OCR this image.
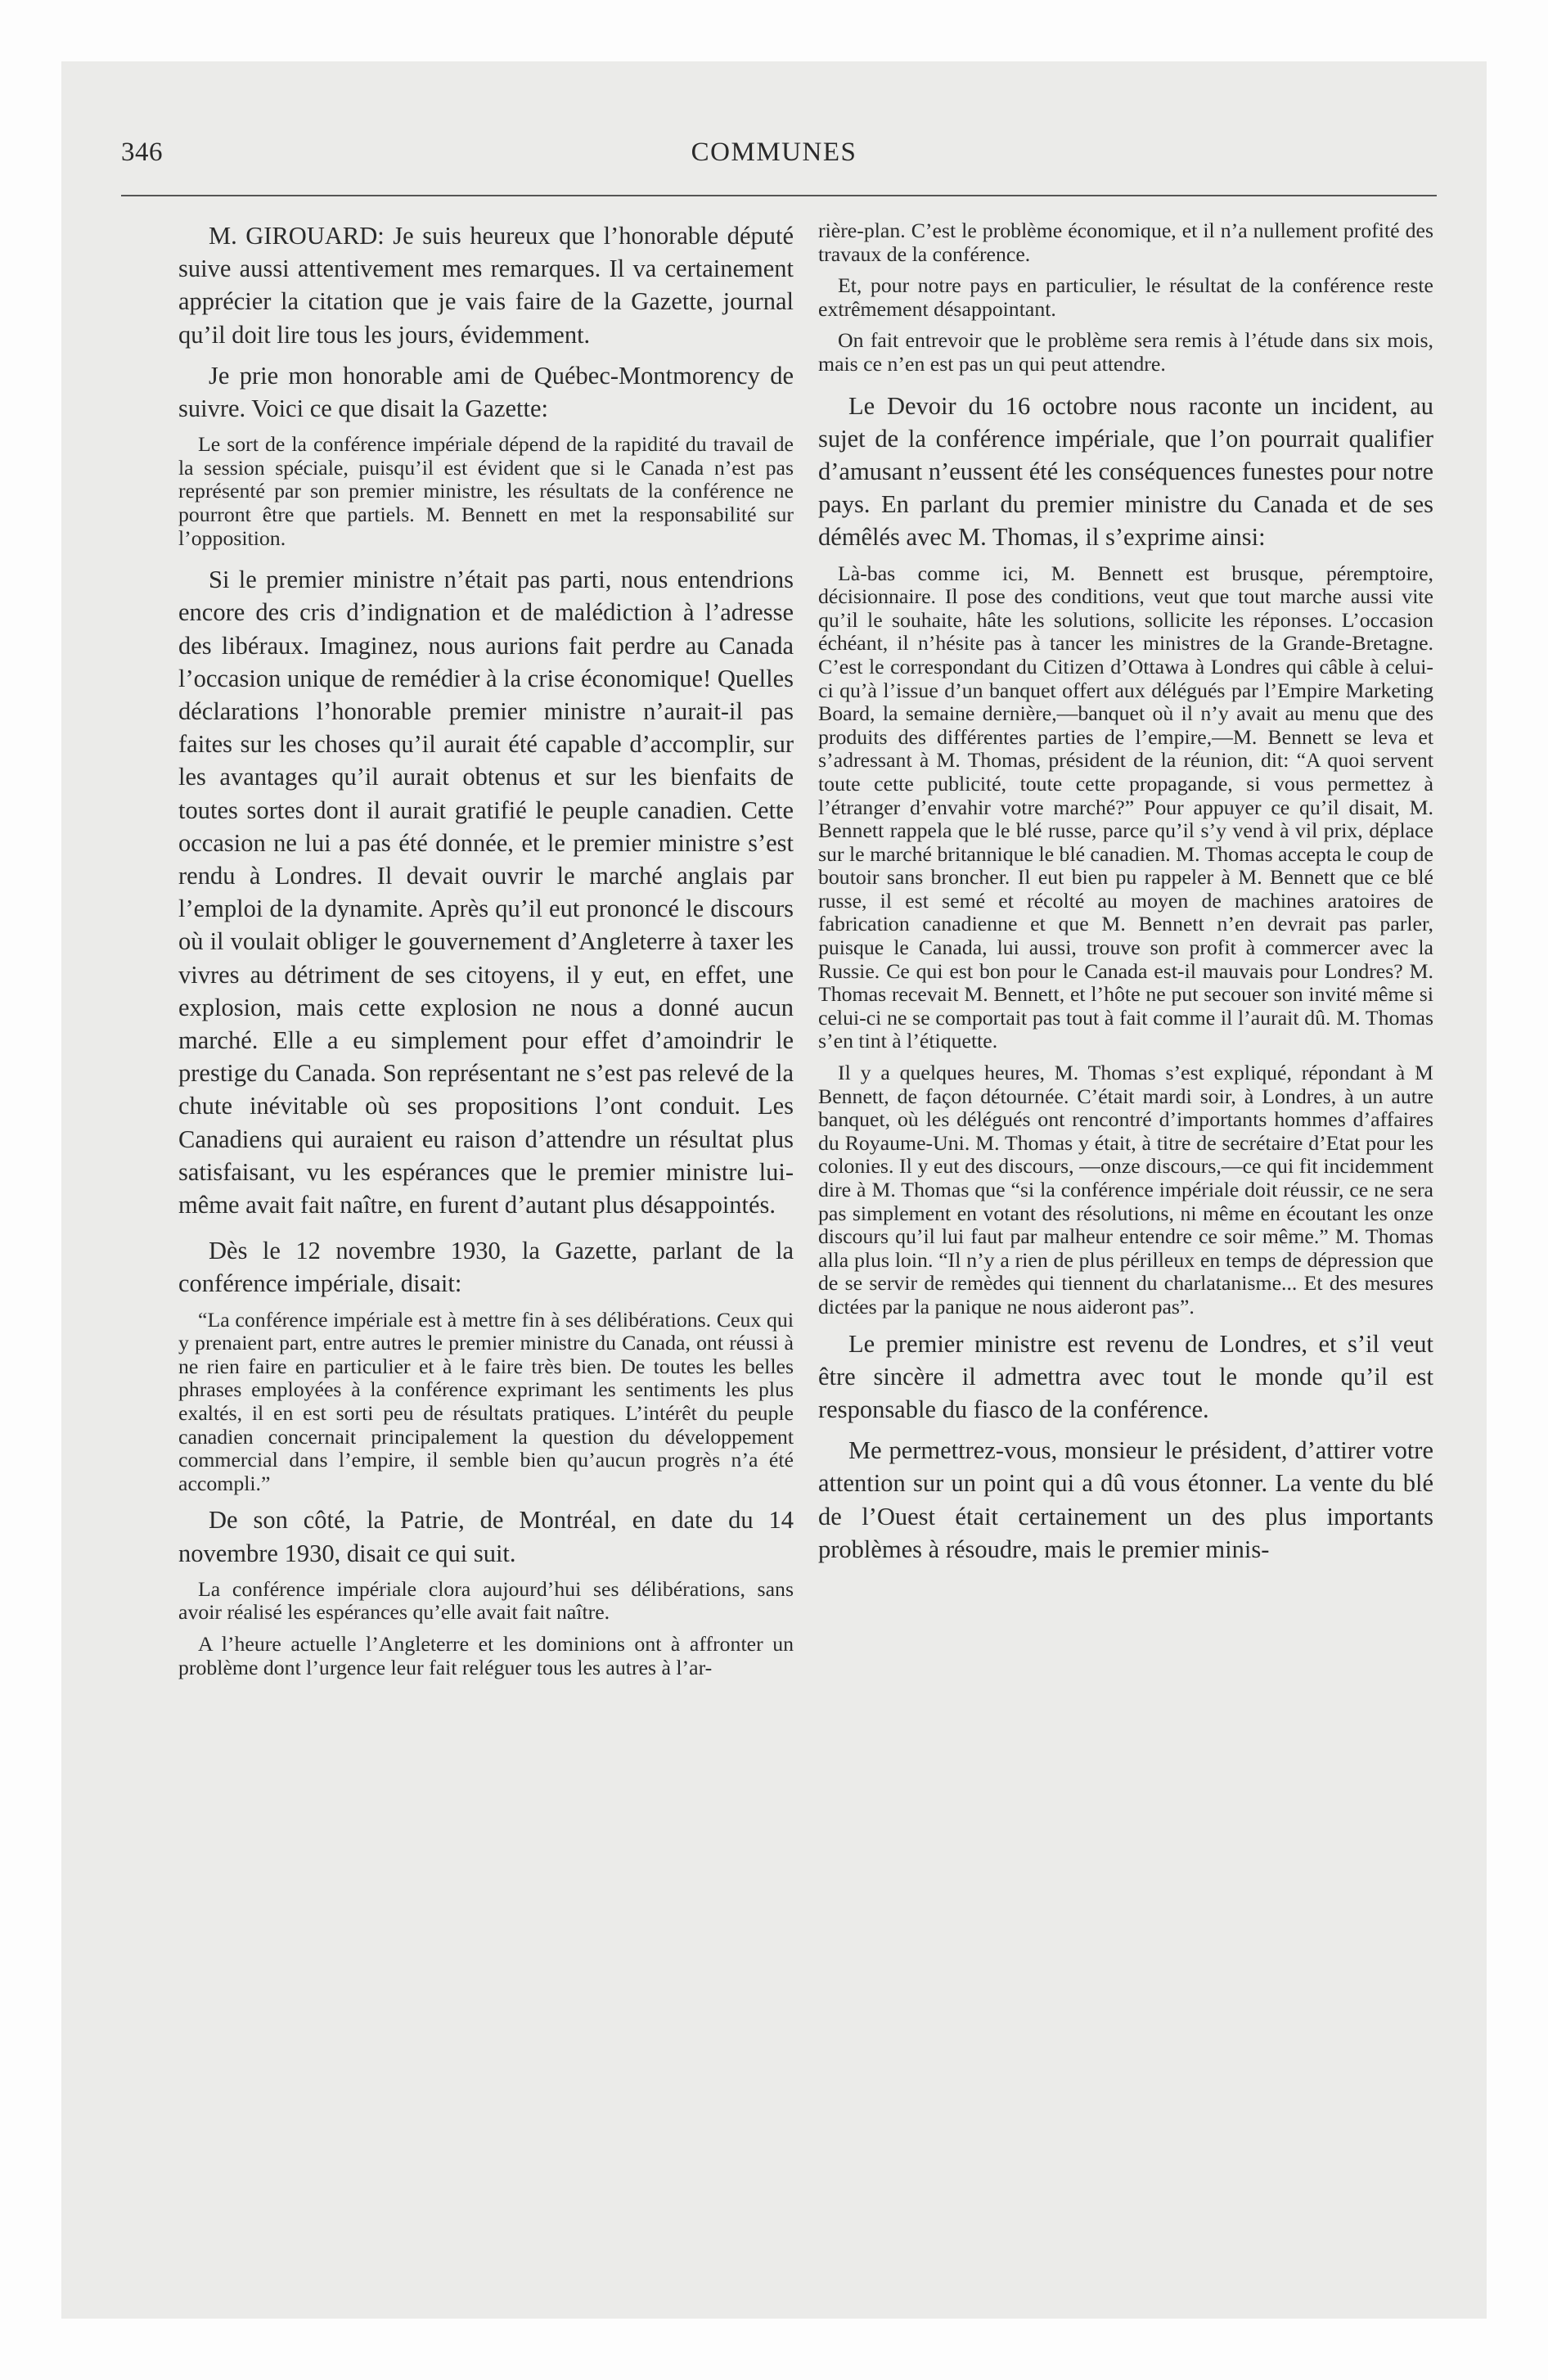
346	COMMUNES

M. GIROUARD: Je suis heureux que l’honorable député suive aussi attentivement mes remarques. Il va certainement apprécier la citation que je vais faire de la Gazette, journal qu’il doit lire tous les jours, évidemment.

Je prie mon honorable ami de Québec-Montmorency de suivre. Voici ce que disait la Gazette:

Le sort de la conférence impériale dépend de la rapidité du travail de la session spéciale, puisqu’il est évident que si le Canada n’est pas représenté par son premier ministre, les résultats de la conférence ne pourront être que partiels. M. Bennett en met la responsabilité sur l’opposition.

Si le premier ministre n’était pas parti, nous entendrions encore des cris d’indignation et de malédiction à l’adresse des libéraux. Imaginez, nous aurions fait perdre au Canada l’occasion unique de remédier à la crise économique! Quelles déclarations l’honorable premier ministre n’aurait-il pas faites sur les choses qu’il aurait été capable d’accomplir, sur les avantages qu’il aurait obtenus et sur les bienfaits de toutes sortes dont il aurait gratifié le peuple canadien. Cette occasion ne lui a pas été donnée, et le premier ministre s’est rendu à Londres. Il devait ouvrir le marché anglais par l’emploi de la dynamite. Après qu’il eut prononcé le discours où il voulait obliger le gouvernement d’Angleterre à taxer les vivres au détriment de ses citoyens, il y eut, en effet, une explosion, mais cette explosion ne nous a donné aucun marché. Elle a eu simplement pour effet d’amoindrir le prestige du Canada. Son représentant ne s’est pas relevé de la chute inévitable où ses propositions l’ont conduit. Les Canadiens qui auraient eu raison d’attendre un résultat plus satisfaisant, vu les espérances que le premier ministre lui-même avait fait naître, en furent d’autant plus désappointés.

Dès le 12 novembre 1930, la Gazette, parlant de la conférence impériale, disait:

“La conférence impériale est à mettre fin à ses délibérations. Ceux qui y prenaient part, entre autres le premier ministre du Canada, ont réussi à ne rien faire en particulier et à le faire très bien. De toutes les belles phrases employées à la conférence exprimant les sentiments les plus exaltés, il en est sorti peu de résultats pratiques. L’intérêt du peuple canadien concernait principalement la question du développement commercial dans l’empire, il semble bien qu’aucun progrès n’a été accompli.”

De son côté, la Patrie, de Montréal, en date du 14 novembre 1930, disait ce qui suit.

La conférence impériale clora aujourd’hui ses délibérations, sans avoir réalisé les espérances qu’elle avait fait naître.

A l’heure actuelle l’Angleterre et les dominions ont à affronter un problème dont l’urgence leur fait reléguer tous les autres à l’ar-

rière-plan. C’est le problème économique, et il n’a nullement profité des travaux de la conférence.

Et, pour notre pays en particulier, le résultat de la conférence reste extrêmement désappointant.

On fait entrevoir que le problème sera remis à l’étude dans six mois, mais ce n’en est pas un qui peut attendre.

Le Devoir du 16 octobre nous raconte un incident, au sujet de la conférence impériale, que l’on pourrait qualifier d’amusant n’eussent été les conséquences funestes pour notre pays. En parlant du premier ministre du Canada et de ses démêlés avec M. Thomas, il s’exprime ainsi:

Là-bas comme ici, M. Bennett est brusque, péremptoire, décisionnaire. Il pose des conditions, veut que tout marche aussi vite qu’il le souhaite, hâte les solutions, sollicite les réponses. L’occasion échéant, il n’hésite pas à tancer les ministres de la Grande-Bretagne. C’est le correspondant du Citizen d’Ottawa à Londres qui câble à celui-ci qu’à l’issue d’un banquet offert aux délégués par l’Empire Marketing Board, la semaine dernière,—banquet où il n’y avait au menu que des produits des différentes parties de l’empire,—M. Bennett se leva et s’adressant à M. Thomas, président de la réunion, dit: “A quoi servent toute cette publicité, toute cette propagande, si vous permettez à l’étranger d’envahir votre marché?” Pour appuyer ce qu’il disait, M. Bennett rappela que le blé russe, parce qu’il s’y vend à vil prix, déplace sur le marché britannique le blé canadien. M. Thomas accepta le coup de boutoir sans broncher. Il eut bien pu rappeler à M. Bennett que ce blé russe, il est semé et récolté au moyen de machines aratoires de fabrication canadienne et que M. Bennett n’en devrait pas parler, puisque le Canada, lui aussi, trouve son profit à commercer avec la Russie. Ce qui est bon pour le Canada est-il mauvais pour Londres? M. Thomas recevait M. Bennett, et l’hôte ne put secouer son invité même si celui-ci ne se comportait pas tout à fait comme il l’aurait dû. M. Thomas s’en tint à l’étiquette.

Il y a quelques heures, M. Thomas s’est expliqué, répondant à M Bennett, de façon détournée. C’était mardi soir, à Londres, à un autre banquet, où les délégués ont rencontré d’importants hommes d’affaires du Royaume-Uni. M. Thomas y était, à titre de secrétaire d’Etat pour les colonies. Il y eut des discours, —onze discours,—ce qui fit incidemment dire à M. Thomas que “si la conférence impériale doit réussir, ce ne sera pas simplement en votant des résolutions, ni même en écoutant les onze discours qu’il lui faut par malheur entendre ce soir même.” M. Thomas alla plus loin. “Il n’y a rien de plus périlleux en temps de dépression que de se servir de remèdes qui tiennent du charlatanisme... Et des mesures dictées par la panique ne nous aideront pas”.

Le premier ministre est revenu de Londres, et s’il veut être sincère il admettra avec tout le monde qu’il est responsable du fiasco de la conférence.

Me permettrez-vous, monsieur le président, d’attirer votre attention sur un point qui a dû vous étonner. La vente du blé de l’Ouest était certainement un des plus importants problèmes à résoudre, mais le premier minis-
